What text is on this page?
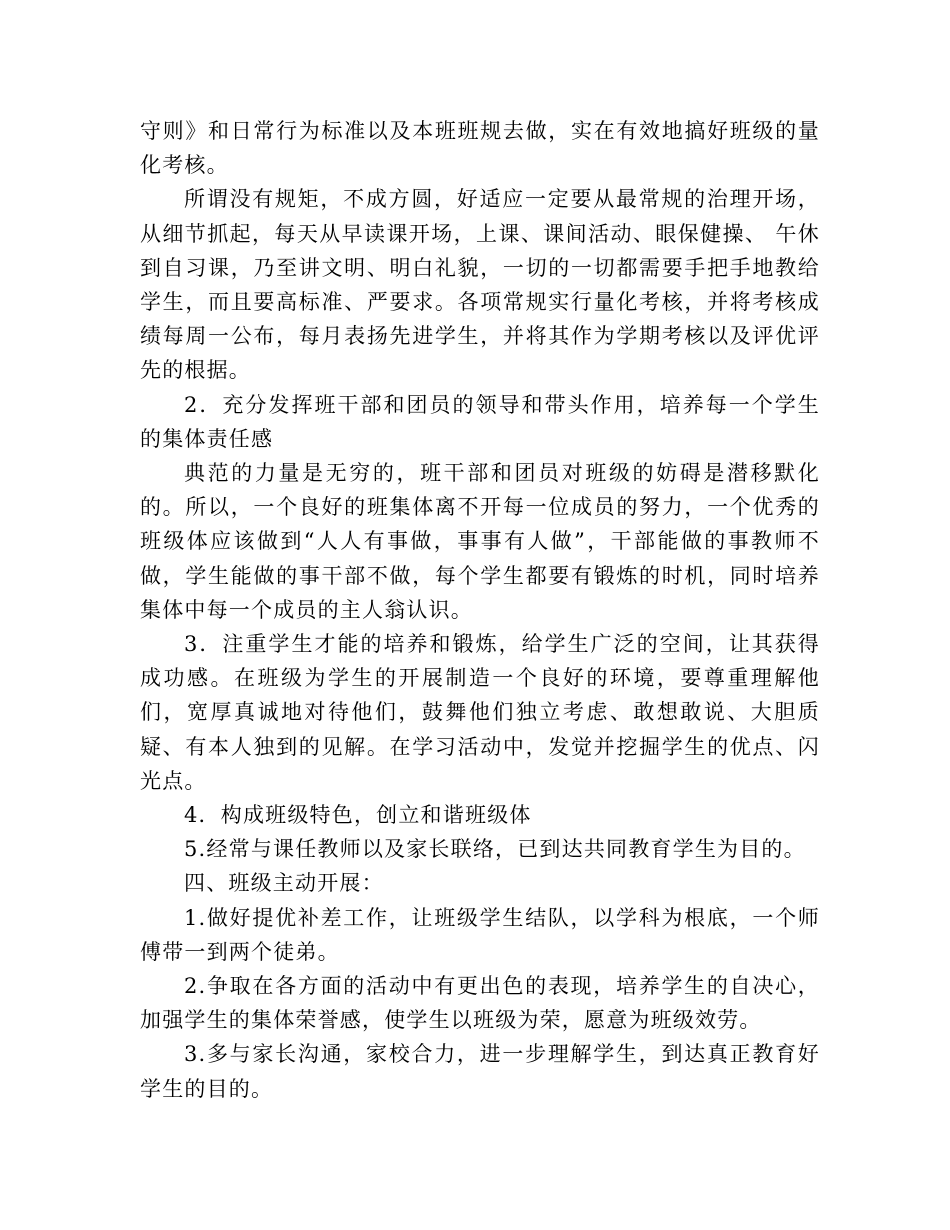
守则》和日常行为标准以及本班班规去做，实在有效地搞好班级的量化考核。

所谓没有规矩，不成方圆，好适应一定要从最常规的治理开场，从细节抓起，每天从早读课开场，上课、课间活动、眼保健操、 午休到自习课，乃至讲文明、明白礼貌，一切的一切都需要手把手地教给学生，而且要高标准、严要求。各项常规实行量化考核，并将考核成绩每周一公布，每月表扬先进学生，并将其作为学期考核以及评优评先的根据。

2．充分发挥班干部和团员的领导和带头作用，培养每一个学生的集体责任感

典范的力量是无穷的，班干部和团员对班级的妨碍是潜移默化的。所以，一个良好的班集体离不开每一位成员的努力，一个优秀的班级体应该做到“人人有事做，事事有人做”，干部能做的事教师不做，学生能做的事干部不做，每个学生都要有锻炼的时机，同时培养集体中每一个成员的主人翁认识。

3．注重学生才能的培养和锻炼，给学生广泛的空间，让其获得成功感。在班级为学生的开展制造一个良好的环境，要尊重理解他们，宽厚真诚地对待他们，鼓舞他们独立考虑、敢想敢说、大胆质疑、有本人独到的见解。在学习活动中，发觉并挖掘学生的优点、闪光点。

4．构成班级特色，创立和谐班级体

5.经常与课任教师以及家长联络，已到达共同教育学生为目的。

四、班级主动开展：

1.做好提优补差工作，让班级学生结队，以学科为根底，一个师傅带一到两个徒弟。

2.争取在各方面的活动中有更出色的表现，培养学生的自决心，加强学生的集体荣誉感，使学生以班级为荣，愿意为班级效劳。

3.多与家长沟通，家校合力，进一步理解学生，到达真正教育好学生的目的。
